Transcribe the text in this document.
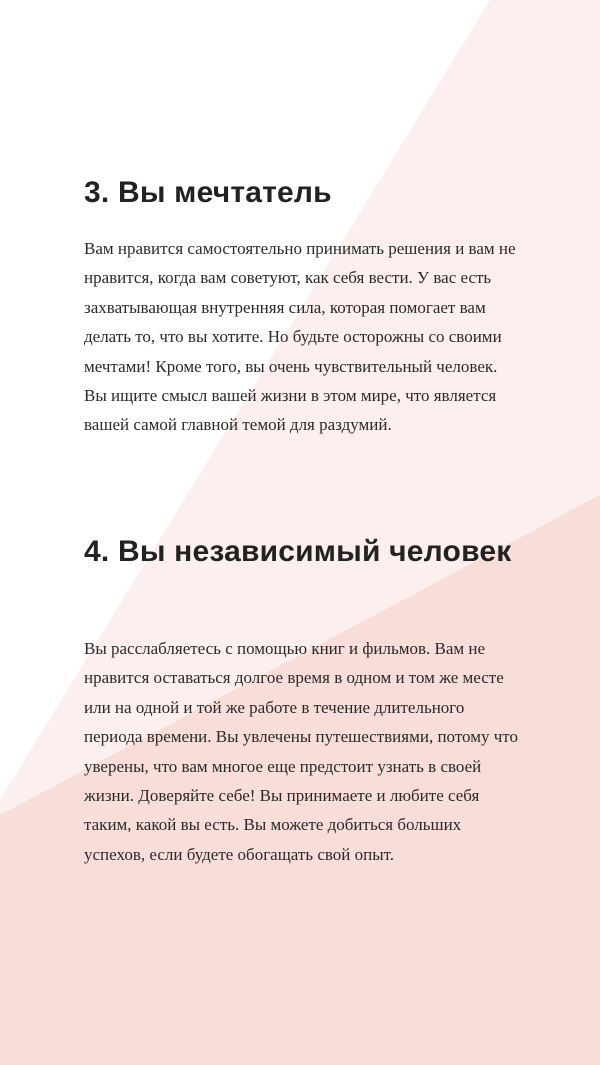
3. Вы мечтатель

Вам нравится самостоятельно принимать решения и вам не нравится, когда вам советуют, как себя вести. У вас есть захватывающая внутренняя сила, которая помогает вам делать то, что вы хотите. Но будьте осторожны со своими мечтами! Кроме того, вы очень чувствительный человек. Вы ищите смысл вашей жизни в этом мире, что является вашей самой главной темой для раздумий.

4. Вы независимый человек

Вы расслабляетесь с помощью книг и фильмов. Вам не нравится оставаться долгое время в одном и том же месте или на одной и той же работе в течение длительного периода времени. Вы увлечены путешествиями, потому что уверены, что вам многое еще предстоит узнать в своей жизни. Доверяйте себе! Вы принимаете и любите себя таким, какой вы есть. Вы можете добиться больших успехов, если будете обогащать свой опыт.
